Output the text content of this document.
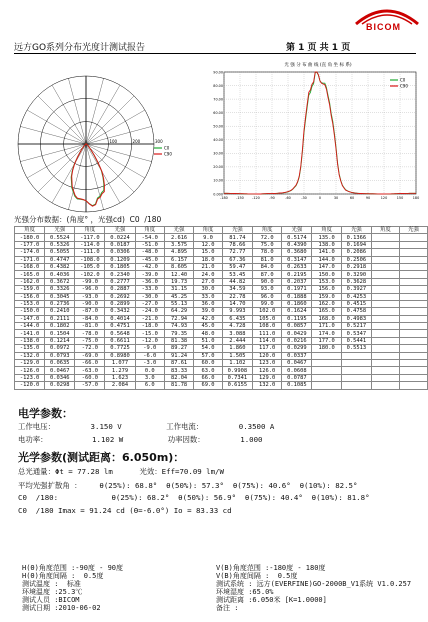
BICOM
远方GO系列分布光度计测试报告	第 1 页 共 1 页
300
200
100
C0
C90
光 强 分 布 曲 线 (直 角 坐 标 系)
0.000
10.00
20.00
30.00
40.00
50.00
60.00
70.00
80.00
90.00
-180 -150 -120	-90	-60	-30	0	30	60	90	120	150	180
C0
C90
光强分布数据：(角度° ，光强cd)  C0  /180
角度	光强	角度	光强	角度	光强	角度	光强	角度	光强	角度	光强	角度	光强
-180.0	0.5524	-117.0	0.0224	-54.0	2.616	9.0	81.74	72.0	0.5174	135.0	0.1366		
-177.0	0.5326	-114.0	0.0187	-51.0	3.575	12.0	78.66	75.0	0.4390	138.0	0.1694		
-174.0	0.5055	-111.0	0.0306	-48.0	4.895	15.0	72.77	78.0	0.3680	141.0	0.2086		
-171.0	0.4747	-108.0	0.1209	-45.0	6.157	18.0	67.36	81.0	0.3147	144.0	0.2506		
-168.0	0.4382	-105.0	0.1805	-42.0	8.605	21.0	59.47	84.0	0.2633	147.0	0.2918		
-165.0	0.4036	-102.0	0.2340	-39.0	12.40	24.0	53.45	87.0	0.2195	150.0	0.3290		
-162.0	0.3672	-99.0	0.2777	-36.0	19.73	27.0	44.82	90.0	0.2037	153.0	0.3628		
-159.0	0.3326	-96.0	0.2887	-33.0	31.15	30.0	34.59	93.0	0.1971	156.0	0.3927		
-156.0	0.3045	-93.0	0.2692	-30.0	45.25	33.0	22.78	96.0	0.1888	159.0	0.4253		
-153.0	0.2736	-90.0	0.2899	-27.0	55.13	36.0	14.70	99.0	0.1860	162.0	0.4515		
-150.0	0.2410	-87.0	0.3432	-24.0	64.29	39.0	9.993	102.0	0.1624	165.0	0.4758		
-147.0	0.2111	-84.0	0.4014	-21.0	72.94	42.0	6.435	105.0	0.1195	168.0	0.4983		
-144.0	0.1802	-81.0	0.4751	-18.0	74.93	45.0	4.728	108.0	0.0857	171.0	0.5217		
-141.0	0.1504	-78.0	0.5648	-15.0	79.35	48.0	3.088	111.0	0.0429	174.0	0.5347		
-138.0	0.1214	-75.0	0.6611	-12.0	81.38	51.0	2.444	114.0	0.0216	177.0	0.5441		
-135.0	0.0972	-72.0	0.7725	-9.0	89.27	54.0	1.860	117.0	0.0299	180.0	0.5513		
-132.0	0.0793	-69.0	0.8980	-6.0	91.24	57.0	1.505	120.0	0.0337				
-129.0	0.0635	-66.0	1.077	-3.0	87.61	60.0	1.102	123.0	0.0467				
-126.0	0.0467	-63.0	1.279	0.0	83.33	63.0	0.9908	126.0	0.0608				
-123.0	0.0346	-60.0	1.623	3.0	82.04	66.0	0.7341	129.0	0.0787				
-120.0	0.0298	-57.0	2.084	6.0	81.78	69.0	0.6155	132.0	0.1085				
电学参数：
工作电压：        3.150 V          工作电流：        0.3500 A
电功率：          1.102 W          功率因数：        1.000
光学参数(测试距离：6.050m)：
总光通量：Φt = 77.28 lm      光效：Eff=70.09 lm/W
平均光强扩散角 ：    θ(25%): 68.8°  θ(50%): 57.3°  θ(75%): 40.6°  θ(10%): 82.5°
C0  /180:            θ(25%): 68.2°  θ(50%): 56.9°  θ(75%): 40.4°  θ(10%): 81.8°
C0  /180 Imax = 91.24 cd (Θ=-6.0°) Io = 83.33 cd
H(Θ)角度范围 :-90度 - 90度
H(Θ)角度间隔 :  0.5度
测试温度 :  标准
环境温度 :25.3℃
测试人员 :BICOM
测试日期 :2010-06-02
V(B)角度范围 :-180度 - 180度
V(B)角度间隔 :  0.5度
测试系统 : 远方(EVERFINE)GO-2000B_V1系统 V1.0.257
环境湿度 :65.0%
测试距离 :6.050米 [K=1.0000]
备注 :
